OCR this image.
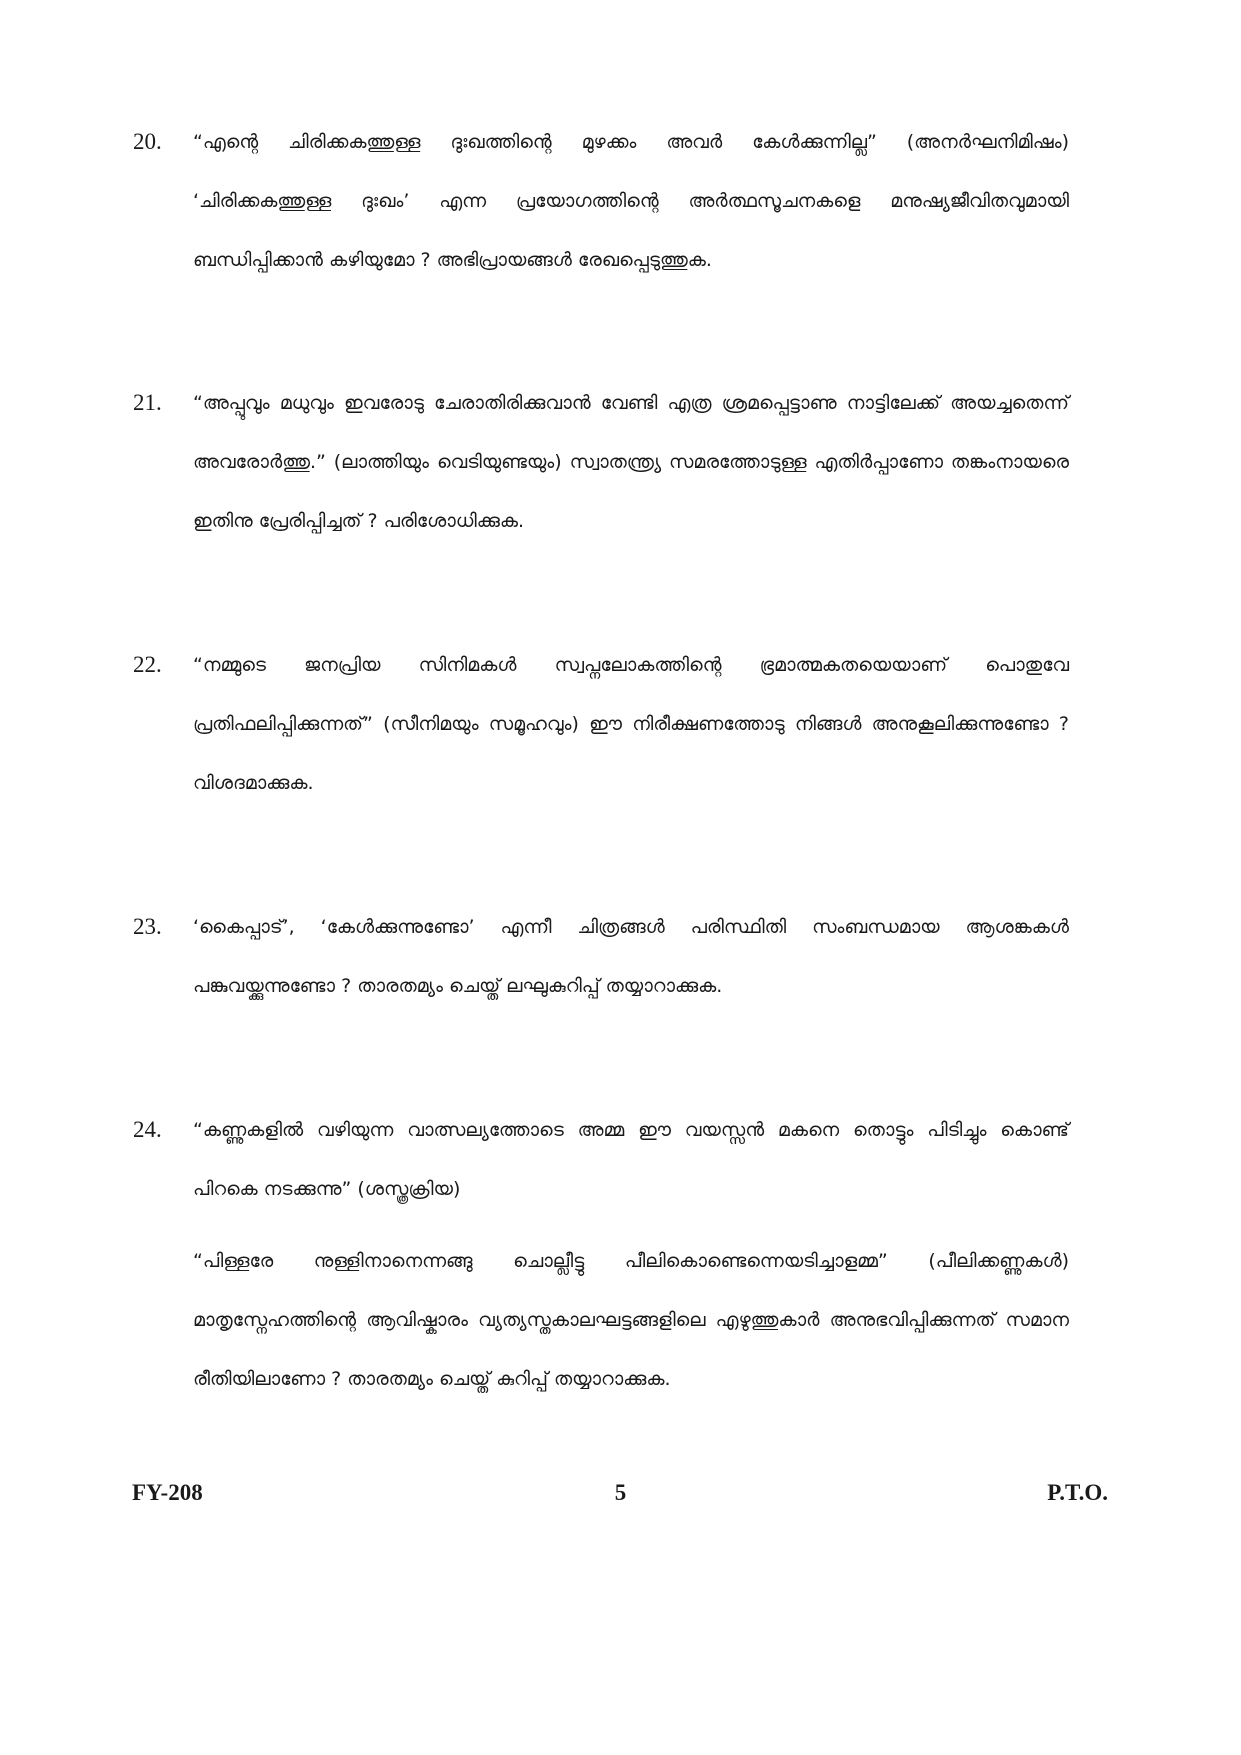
20.	“എന്റെ ചിരിക്കകത്തുള്ള ദുഃഖത്തിന്റെ മുഴക്കം അവർ കേൾക്കുന്നില്ല” (അനർഘനിമിഷം) ‘ചിരിക്കകത്തുള്ള ദുഃഖം’ എന്ന പ്രയോഗത്തിന്റെ അർത്ഥസൂചനകളെ മനുഷ്യജീവിതവുമായി ബന്ധിപ്പിക്കാൻ കഴിയുമോ ? അഭിപ്രായങ്ങൾ രേഖപ്പെടുത്തുക.

21.	“അപ്പുവും മധുവും ഇവരോടു ചേരാതിരിക്കുവാൻ വേണ്ടി എത്ര ശ്രമപ്പെട്ടാണു നാട്ടിലേക്ക് അയച്ചതെന്ന് അവരോർത്തു.” (ലാത്തിയും വെടിയുണ്ടയും) സ്വാതന്ത്ര്യ സമരത്തോടുള്ള എതിർപ്പാണോ തങ്കംനായരെ ഇതിനു പ്രേരിപ്പിച്ചത് ? പരിശോധിക്കുക.

22.	“നമ്മുടെ ജനപ്രിയ സിനിമകൾ സ്വപ്നലോകത്തിന്റെ ഭ്രമാത്മകതയെയാണ് പൊതുവേ പ്രതിഫലിപ്പിക്കുന്നത്” (സീനിമയും സമൂഹവും) ഈ നിരീക്ഷണത്തോടു നിങ്ങൾ അനുകൂലിക്കുന്നുണ്ടോ ? വിശദമാക്കുക.

23.	‘കൈപ്പാട്’, ‘കേൾക്കുന്നുണ്ടോ’ എന്നീ ചിത്രങ്ങൾ പരിസ്ഥിതി സംബന്ധമായ ആശങ്കകൾ പങ്കുവയ്ക്കുന്നുണ്ടോ ? താരതമ്യം ചെയ്ത് ലഘുകുറിപ്പ് തയ്യാറാക്കുക.

24.	“കണ്ണുകളിൽ വഴിയുന്ന വാത്സല്യത്തോടെ അമ്മ ഈ വയസ്സൻ മകനെ തൊട്ടും പിടിച്ചും കൊണ്ട് പിറകെ നടക്കുന്നു” (ശസ്ത്രക്രിയ)

“പിള്ളരേ നുള്ളിനാനെന്നങ്ങു ചൊല്ലീട്ടു പീലികൊണ്ടെന്നെയടിച്ചാളമ്മ” (പീലിക്കണ്ണുകൾ) മാതൃസ്നേഹത്തിന്റെ ആവിഷ്കാരം വ്യത്യസ്തകാലഘട്ടങ്ങളിലെ എഴുത്തുകാർ അനുഭവിപ്പിക്കുന്നത് സമാന രീതിയിലാണോ ? താരതമ്യം ചെയ്ത് കുറിപ്പ് തയ്യാറാക്കുക.

FY-208	5	P.T.O.
